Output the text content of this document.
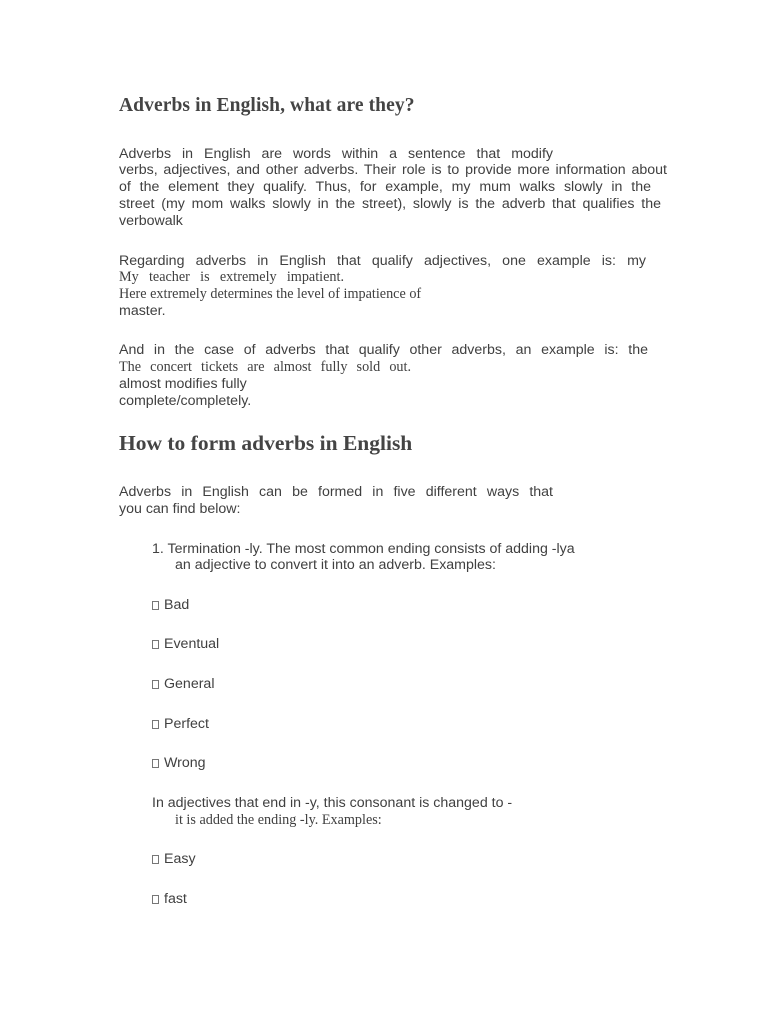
Adverbs in English, what are they?
Adverbs in English are words within a sentence that modify
verbs, adjectives, and other adverbs. Their role is to provide more information about
of the element they qualify. Thus, for example, my mum walks slowly in the
street (my mom walks slowly in the street), slowly is the adverb that qualifies the
verbowalk
Regarding adverbs in English that qualify adjectives, one example is: my
My teacher is extremely impatient.
Here extremely determines the level of impatience of
master.
And in the case of adverbs that qualify other adverbs, an example is: the
The concert tickets are almost fully sold out.
almost modifies fully
complete/completely.
How to form adverbs in English
Adverbs in English can be formed in five different ways that
you can find below:
1. Termination -ly. The most common ending consists of adding -lya
an adjective to convert it into an adverb. Examples:
Bad
Eventual
General
Perfect
Wrong
In adjectives that end in -y, this consonant is changed to -
it is added the ending -ly. Examples:
Easy
fast
